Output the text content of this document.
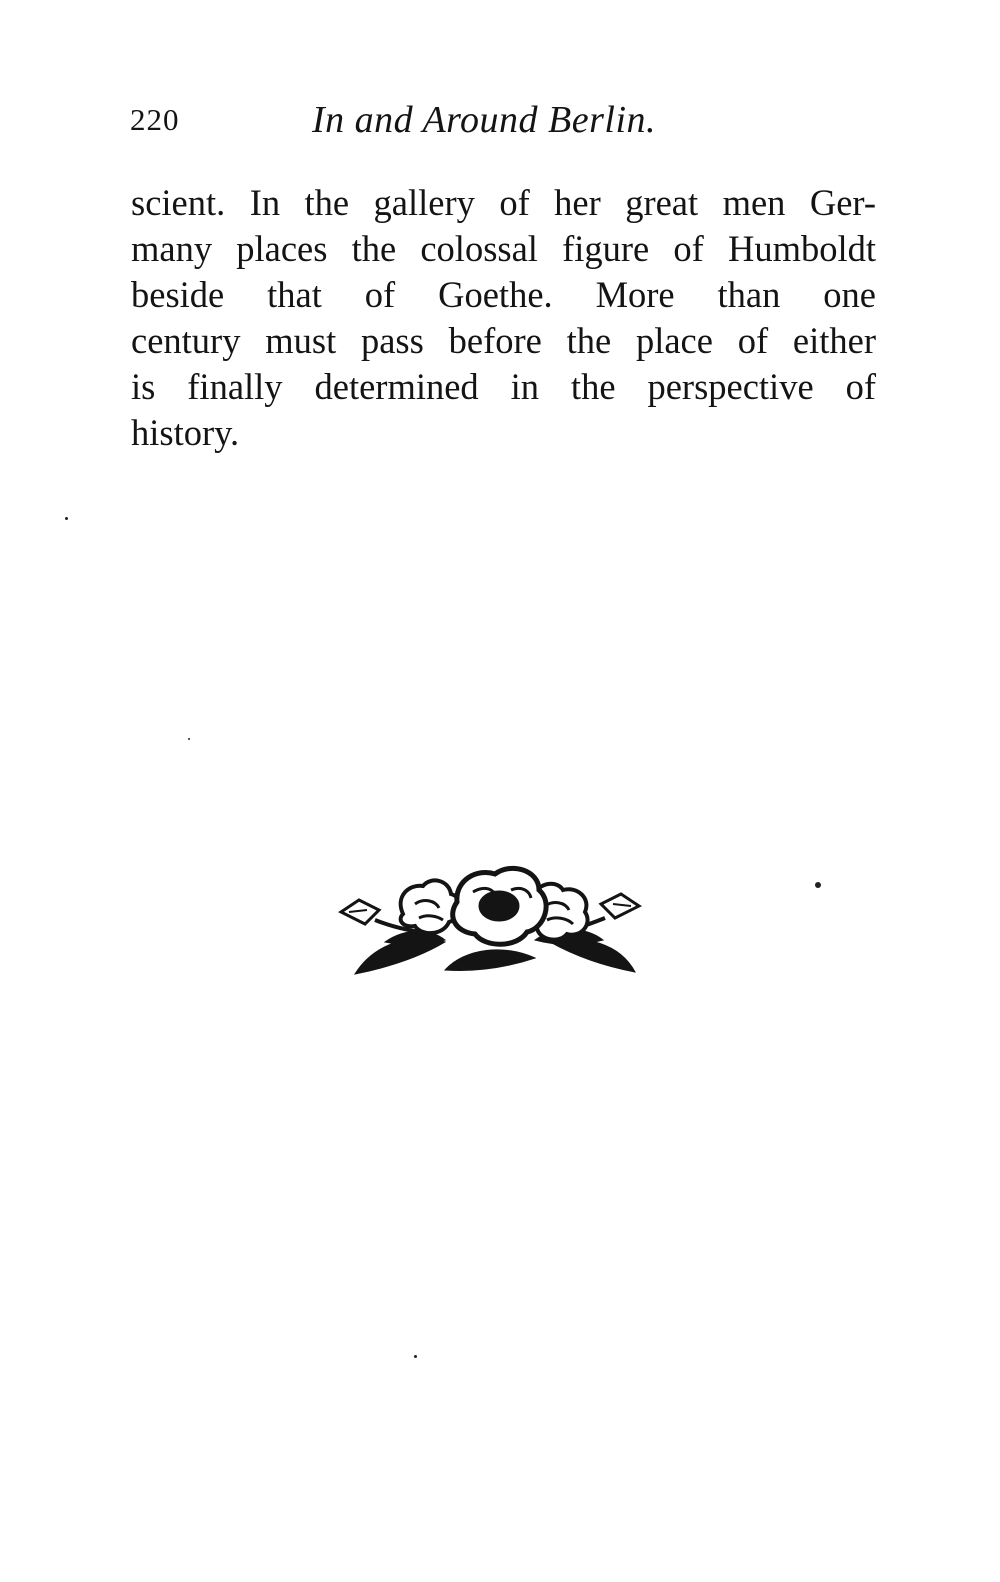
220	In and Around Berlin.

scient. In the gallery of her great men Ger-
many places the colossal figure of Humboldt
beside that of Goethe. More than one
century must pass before the place of either
is finally determined in the perspective of
history.
